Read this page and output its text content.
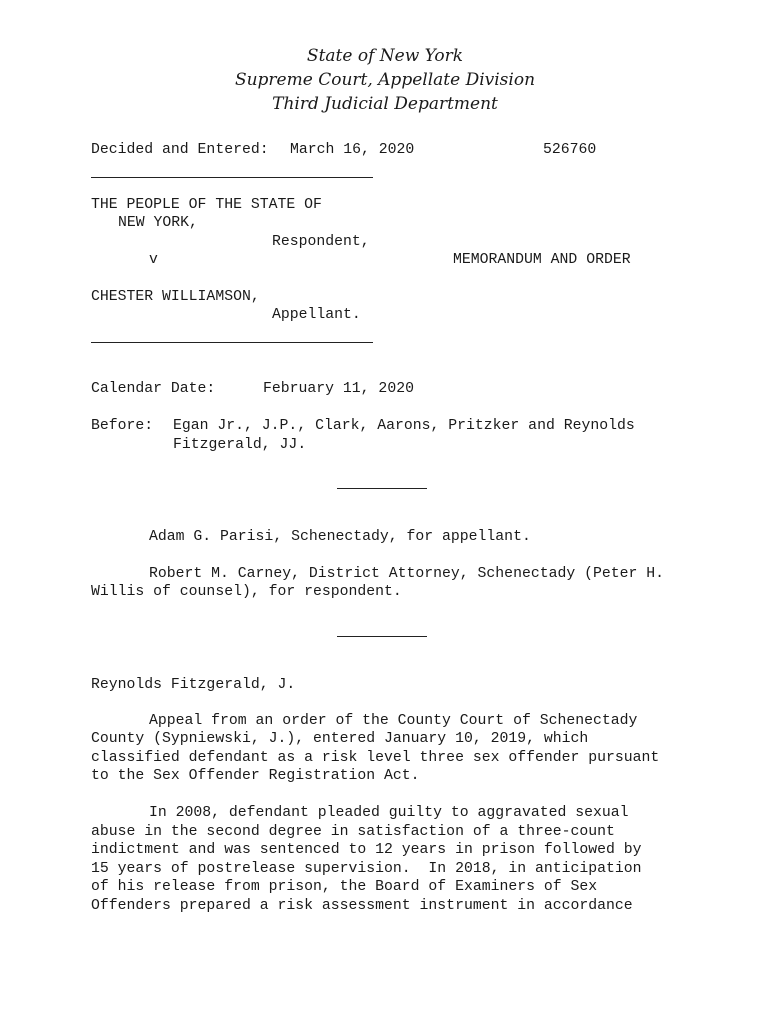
State of New York
Supreme Court, Appellate Division
Third Judicial Department
Decided and Entered: March 16, 2020	526760
THE PEOPLE OF THE STATE OF
NEW YORK,
Respondent,
v	MEMORANDUM AND ORDER
CHESTER WILLIAMSON,
Appellant.
Calendar Date:	February 11, 2020
Before: Egan Jr., J.P., Clark, Aarons, Pritzker and Reynolds
Fitzgerald, JJ.
Adam G. Parisi, Schenectady, for appellant.
Robert M. Carney, District Attorney, Schenectady (Peter H.
Willis of counsel), for respondent.
Reynolds Fitzgerald, J.
Appeal from an order of the County Court of Schenectady
County (Sypniewski, J.), entered January 10, 2019, which
classified defendant as a risk level three sex offender pursuant
to the Sex Offender Registration Act.
In 2008, defendant pleaded guilty to aggravated sexual
abuse in the second degree in satisfaction of a three-count
indictment and was sentenced to 12 years in prison followed by
15 years of postrelease supervision.  In 2018, in anticipation
of his release from prison, the Board of Examiners of Sex
Offenders prepared a risk assessment instrument in accordance
